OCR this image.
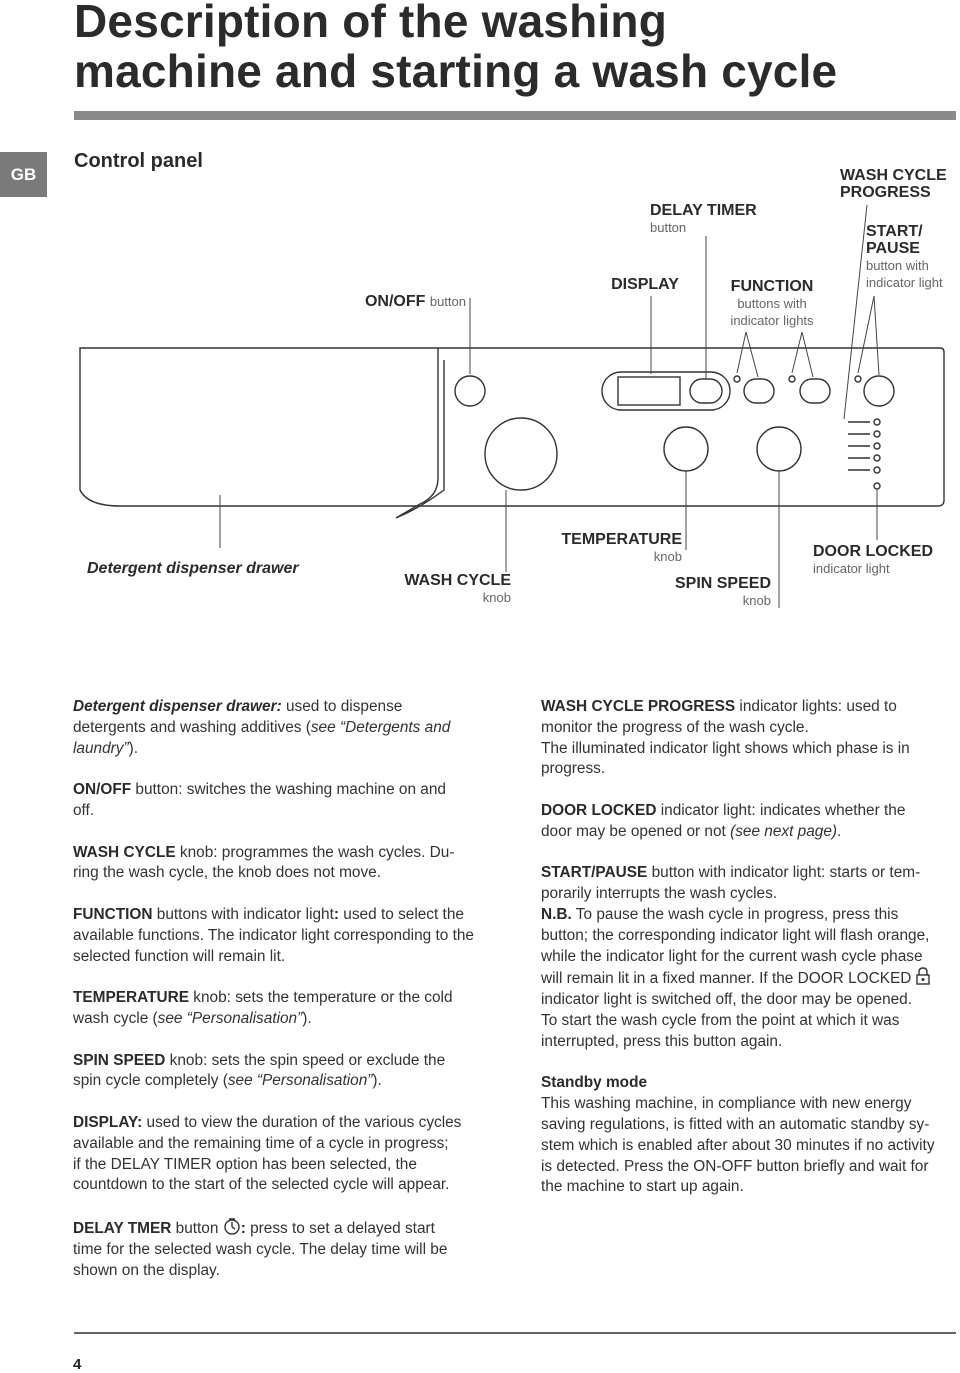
Description of the washing
machine and starting a wash cycle
GB
Control panel
ON/OFF button
DISPLAY
DELAY TIMER
button
FUNCTION
buttons with
indicator lights
WASH CYCLE
PROGRESS
START/
PAUSE
button with
indicator light
Detergent dispenser drawer
WASH CYCLE
knob
TEMPERATURE
knob
SPIN SPEED
knob
DOOR LOCKED
indicator light

Detergent dispenser drawer: used to dispense
detergents and washing additives (see “Detergents and
laundry”).

ON/OFF button: switches the washing machine on and
off.

WASH CYCLE knob: programmes the wash cycles. Du-
ring the wash cycle, the knob does not move.

FUNCTION buttons with indicator light: used to select the
available functions. The indicator light corresponding to the
selected function will remain lit.

TEMPERATURE knob: sets the temperature or the cold
wash cycle (see “Personalisation”).

SPIN SPEED knob: sets the spin speed or exclude the
spin cycle completely (see “Personalisation”).

DISPLAY: used to view the duration of the various cycles
available and the remaining time of a cycle in progress;
if the DELAY TIMER option has been selected, the
countdown to the start of the selected cycle will appear.

DELAY TMER button : press to set a delayed start
time for the selected wash cycle. The delay time will be
shown on the display.

WASH CYCLE PROGRESS indicator lights: used to
monitor the progress of the wash cycle.
The illuminated indicator light shows which phase is in
progress.

DOOR LOCKED indicator light: indicates whether the
door may be opened or not (see next page).

START/PAUSE button with indicator light: starts or tem-
porarily interrupts the wash cycles.
N.B. To pause the wash cycle in progress, press this
button; the corresponding indicator light will flash orange,
while the indicator light for the current wash cycle phase
will remain lit in a fixed manner. If the DOOR LOCKED
indicator light is switched off, the door may be opened.
To start the wash cycle from the point at which it was
interrupted, press this button again.

Standby mode
This washing machine, in compliance with new energy
saving regulations, is fitted with an automatic standby sy-
stem which is enabled after about 30 minutes if no activity
is detected. Press the ON-OFF button briefly and wait for
the machine to start up again.

4
